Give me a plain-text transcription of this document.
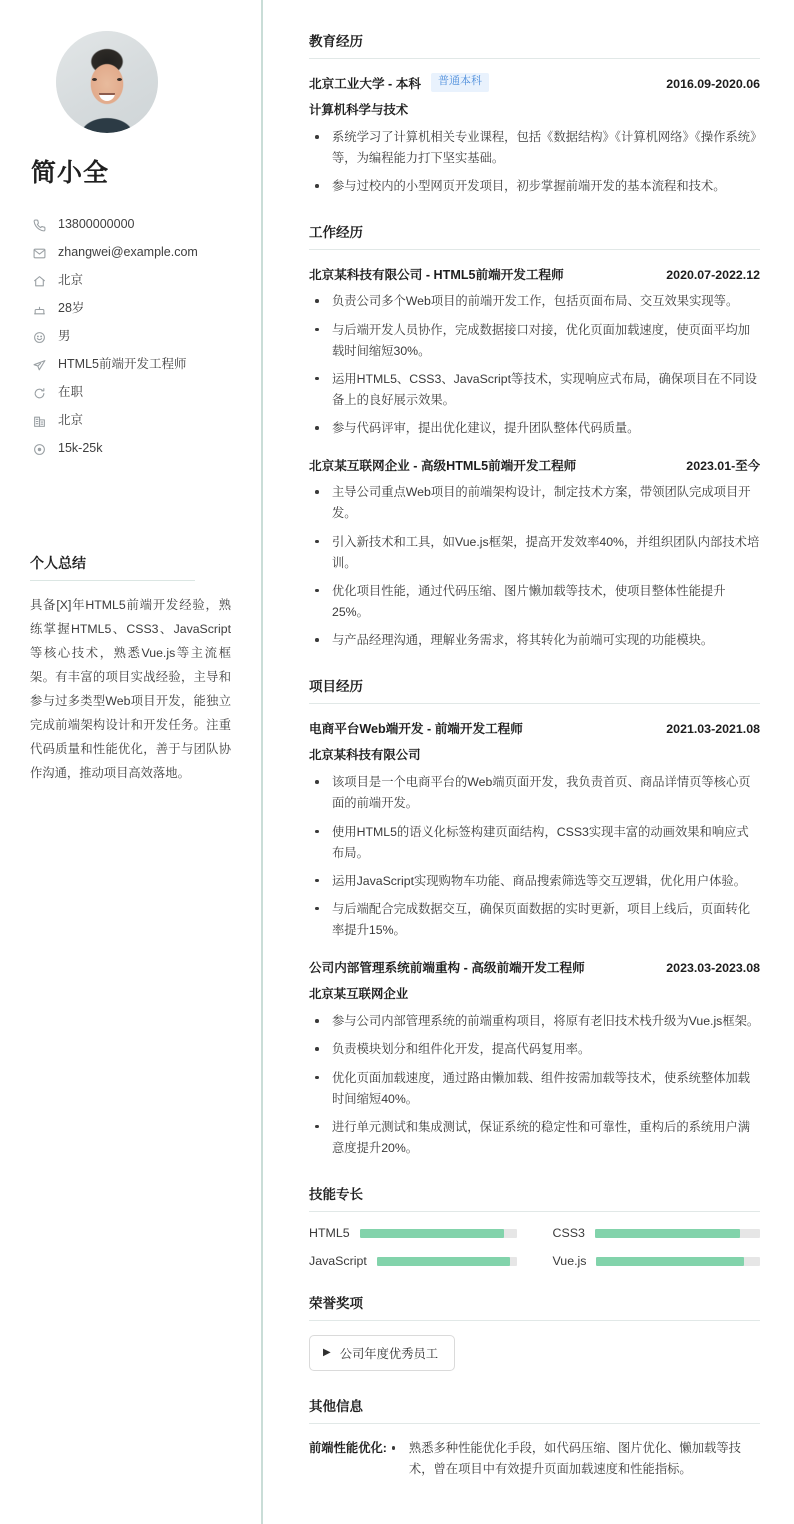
简小全
13800000000
zhangwei@example.com
北京
28岁
男
HTML5前端开发工程师
在职
北京
15k-25k
个人总结

具备[X]年HTML5前端开发经验，熟练掌握HTML5、CSS3、JavaScript等核心技术，熟悉Vue.js等主流框架。有丰富的项目实战经验，主导和参与过多类型Web项目开发，能独立完成前端架构设计和开发任务。注重代码质量和性能优化，善于与团队协作沟通，推动项目高效落地。

教育经历
北京工业大学 - 本科	普通本科	2016.09-2020.06
计算机科学与技术
系统学习了计算机相关专业课程，包括《数据结构》《计算机网络》《操作系统》等，为编程能力打下坚实基础。
参与过校内的小型网页开发项目，初步掌握前端开发的基本流程和技术。
工作经历
北京某科技有限公司 - HTML5前端开发工程师	2020.07-2022.12
负责公司多个Web项目的前端开发工作，包括页面布局、交互效果实现等。
与后端开发人员协作，完成数据接口对接，优化页面加载速度，使页面平均加载时间缩短30%。
运用HTML5、CSS3、JavaScript等技术，实现响应式布局，确保项目在不同设备上的良好展示效果。
参与代码评审，提出优化建议，提升团队整体代码质量。
北京某互联网企业 - 高级HTML5前端开发工程师	2023.01-至今
主导公司重点Web项目的前端架构设计，制定技术方案，带领团队完成项目开发。
引入新技术和工具，如Vue.js框架，提高开发效率40%，并组织团队内部技术培训。
优化项目性能，通过代码压缩、图片懒加载等技术，使项目整体性能提升25%。
与产品经理沟通，理解业务需求，将其转化为前端可实现的功能模块。
项目经历
电商平台Web端开发 - 前端开发工程师	2021.03-2021.08
北京某科技有限公司
该项目是一个电商平台的Web端页面开发，我负责首页、商品详情页等核心页面的前端开发。
使用HTML5的语义化标签构建页面结构，CSS3实现丰富的动画效果和响应式布局。
运用JavaScript实现购物车功能、商品搜索筛选等交互逻辑，优化用户体验。
与后端配合完成数据交互，确保页面数据的实时更新，项目上线后，页面转化率提升15%。
公司内部管理系统前端重构 - 高级前端开发工程师	2023.03-2023.08
北京某互联网企业
参与公司内部管理系统的前端重构项目，将原有老旧技术栈升级为Vue.js框架。
负责模块划分和组件化开发，提高代码复用率。
优化页面加载速度，通过路由懒加载、组件按需加载等技术，使系统整体加载时间缩短40%。
进行单元测试和集成测试，保证系统的稳定性和可靠性，重构后的系统用户满意度提升20%。
技能专长
HTML5	CSS3
JavaScript	Vue.js
荣誉奖项
▶ 公司年度优秀员工
其他信息
前端性能优化:	熟悉多种性能优化手段，如代码压缩、图片优化、懒加载等技术，曾在项目中有效提升页面加载速度和性能指标。
